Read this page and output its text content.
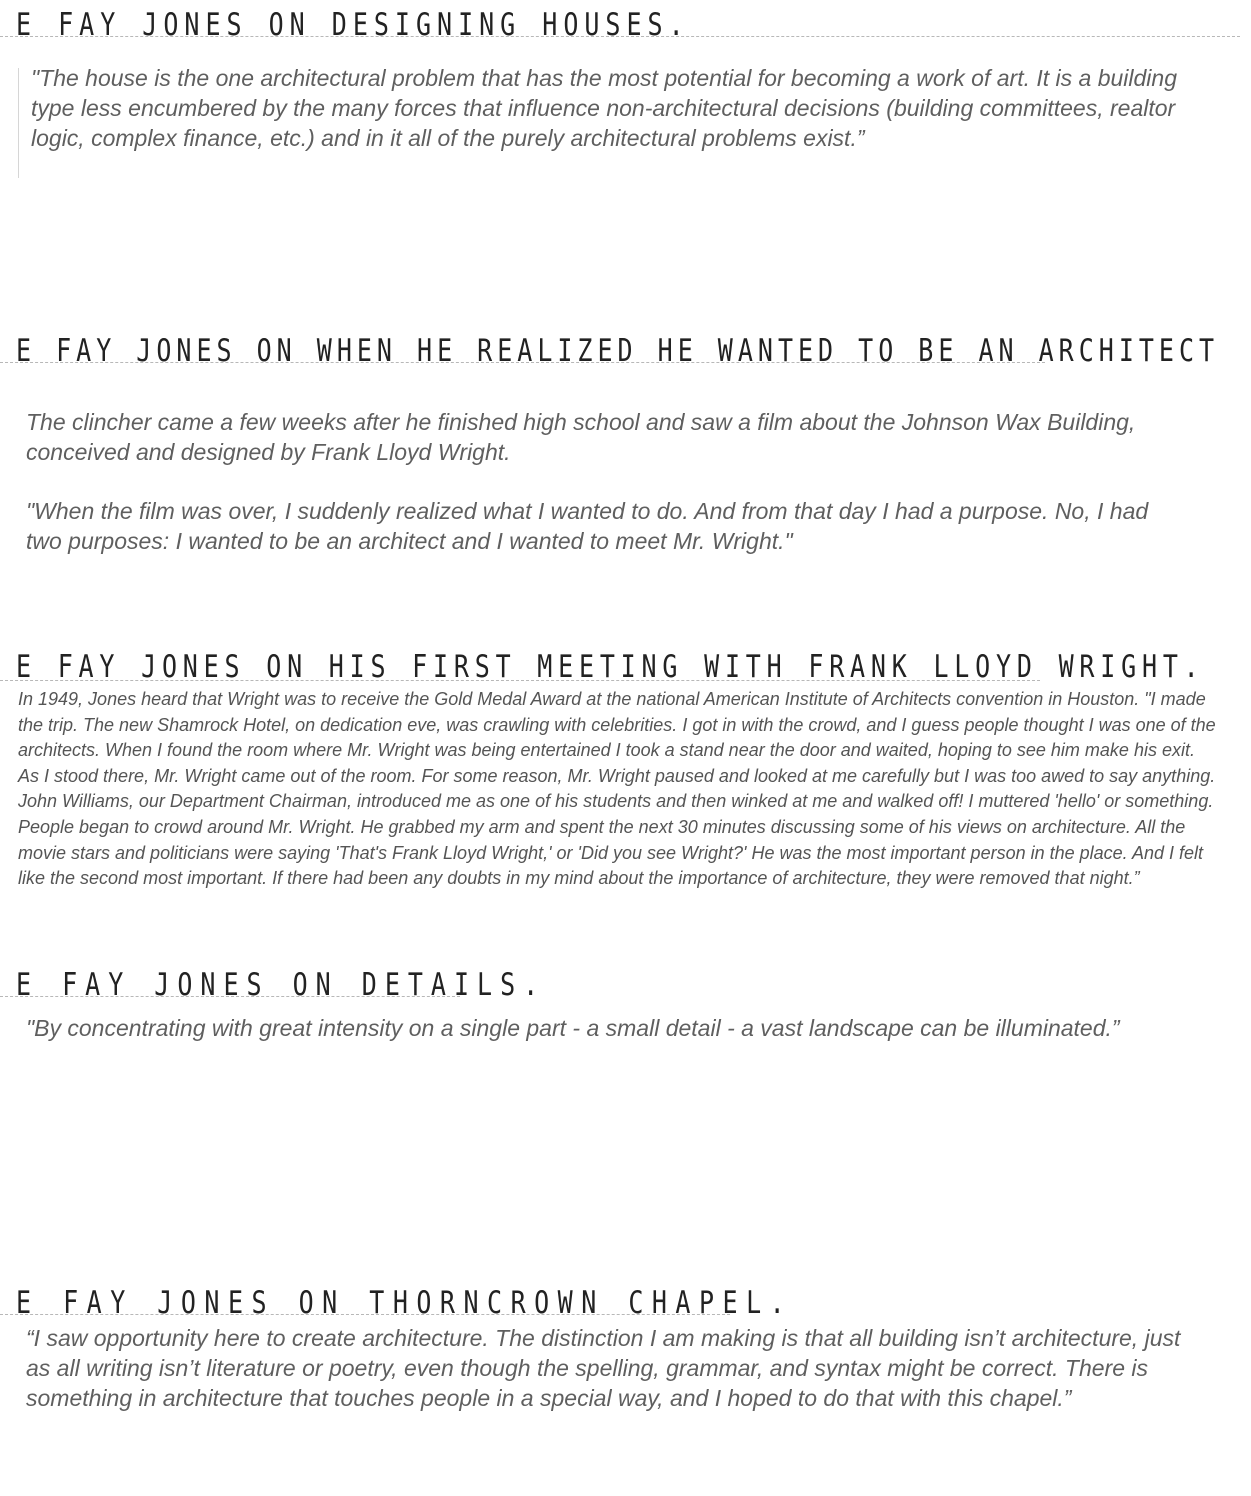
E FAY JONES ON DESIGNING HOUSES.

"The house is the one architectural problem that has the most potential for becoming a work of art. It is a building type less encumbered by the many forces that influence non-architectural decisions (building committees, realtor logic, complex finance, etc.) and in it all of the purely architectural problems exist.”

E FAY JONES ON WHEN HE REALIZED HE WANTED TO BE AN ARCHITECT

The clincher came a few weeks after he finished high school and saw a film about the Johnson Wax Building, conceived and designed by Frank Lloyd Wright.

"When the film was over, I suddenly realized what I wanted to do. And from that day I had a purpose. No, I had two purposes: I wanted to be an architect and I wanted to meet Mr. Wright."

E FAY JONES ON HIS FIRST MEETING WITH FRANK LLOYD WRIGHT.

In 1949, Jones heard that Wright was to receive the Gold Medal Award at the national American Institute of Architects convention in Houston. "I made the trip. The new Shamrock Hotel, on dedication eve, was crawling with celebrities. I got in with the crowd, and I guess people thought I was one of the architects. When I found the room where Mr. Wright was being entertained I took a stand near the door and waited, hoping to see him make his exit. As I stood there, Mr. Wright came out of the room. For some reason, Mr. Wright paused and looked at me carefully but I was too awed to say anything. John Williams, our Department Chairman, introduced me as one of his students and then winked at me and walked off! I muttered 'hello' or something. People began to crowd around Mr. Wright. He grabbed my arm and spent the next 30 minutes discussing some of his views on architecture. All the movie stars and politicians were saying 'That's Frank Lloyd Wright,' or 'Did you see Wright?' He was the most important person in the place. And I felt like the second most important. If there had been any doubts in my mind about the importance of architecture, they were removed that night.”

E FAY JONES ON DETAILS.

"By concentrating with great intensity on a single part - a small detail - a vast landscape can be illuminated.”

E FAY JONES ON THORNCROWN CHAPEL.

“I saw opportunity here to create architecture. The distinction I am making is that all building isn’t architecture, just as all writing isn’t literature or poetry, even though the spelling, grammar, and syntax might be correct. There is something in architecture that touches people in a special way, and I hoped to do that with this chapel.”
